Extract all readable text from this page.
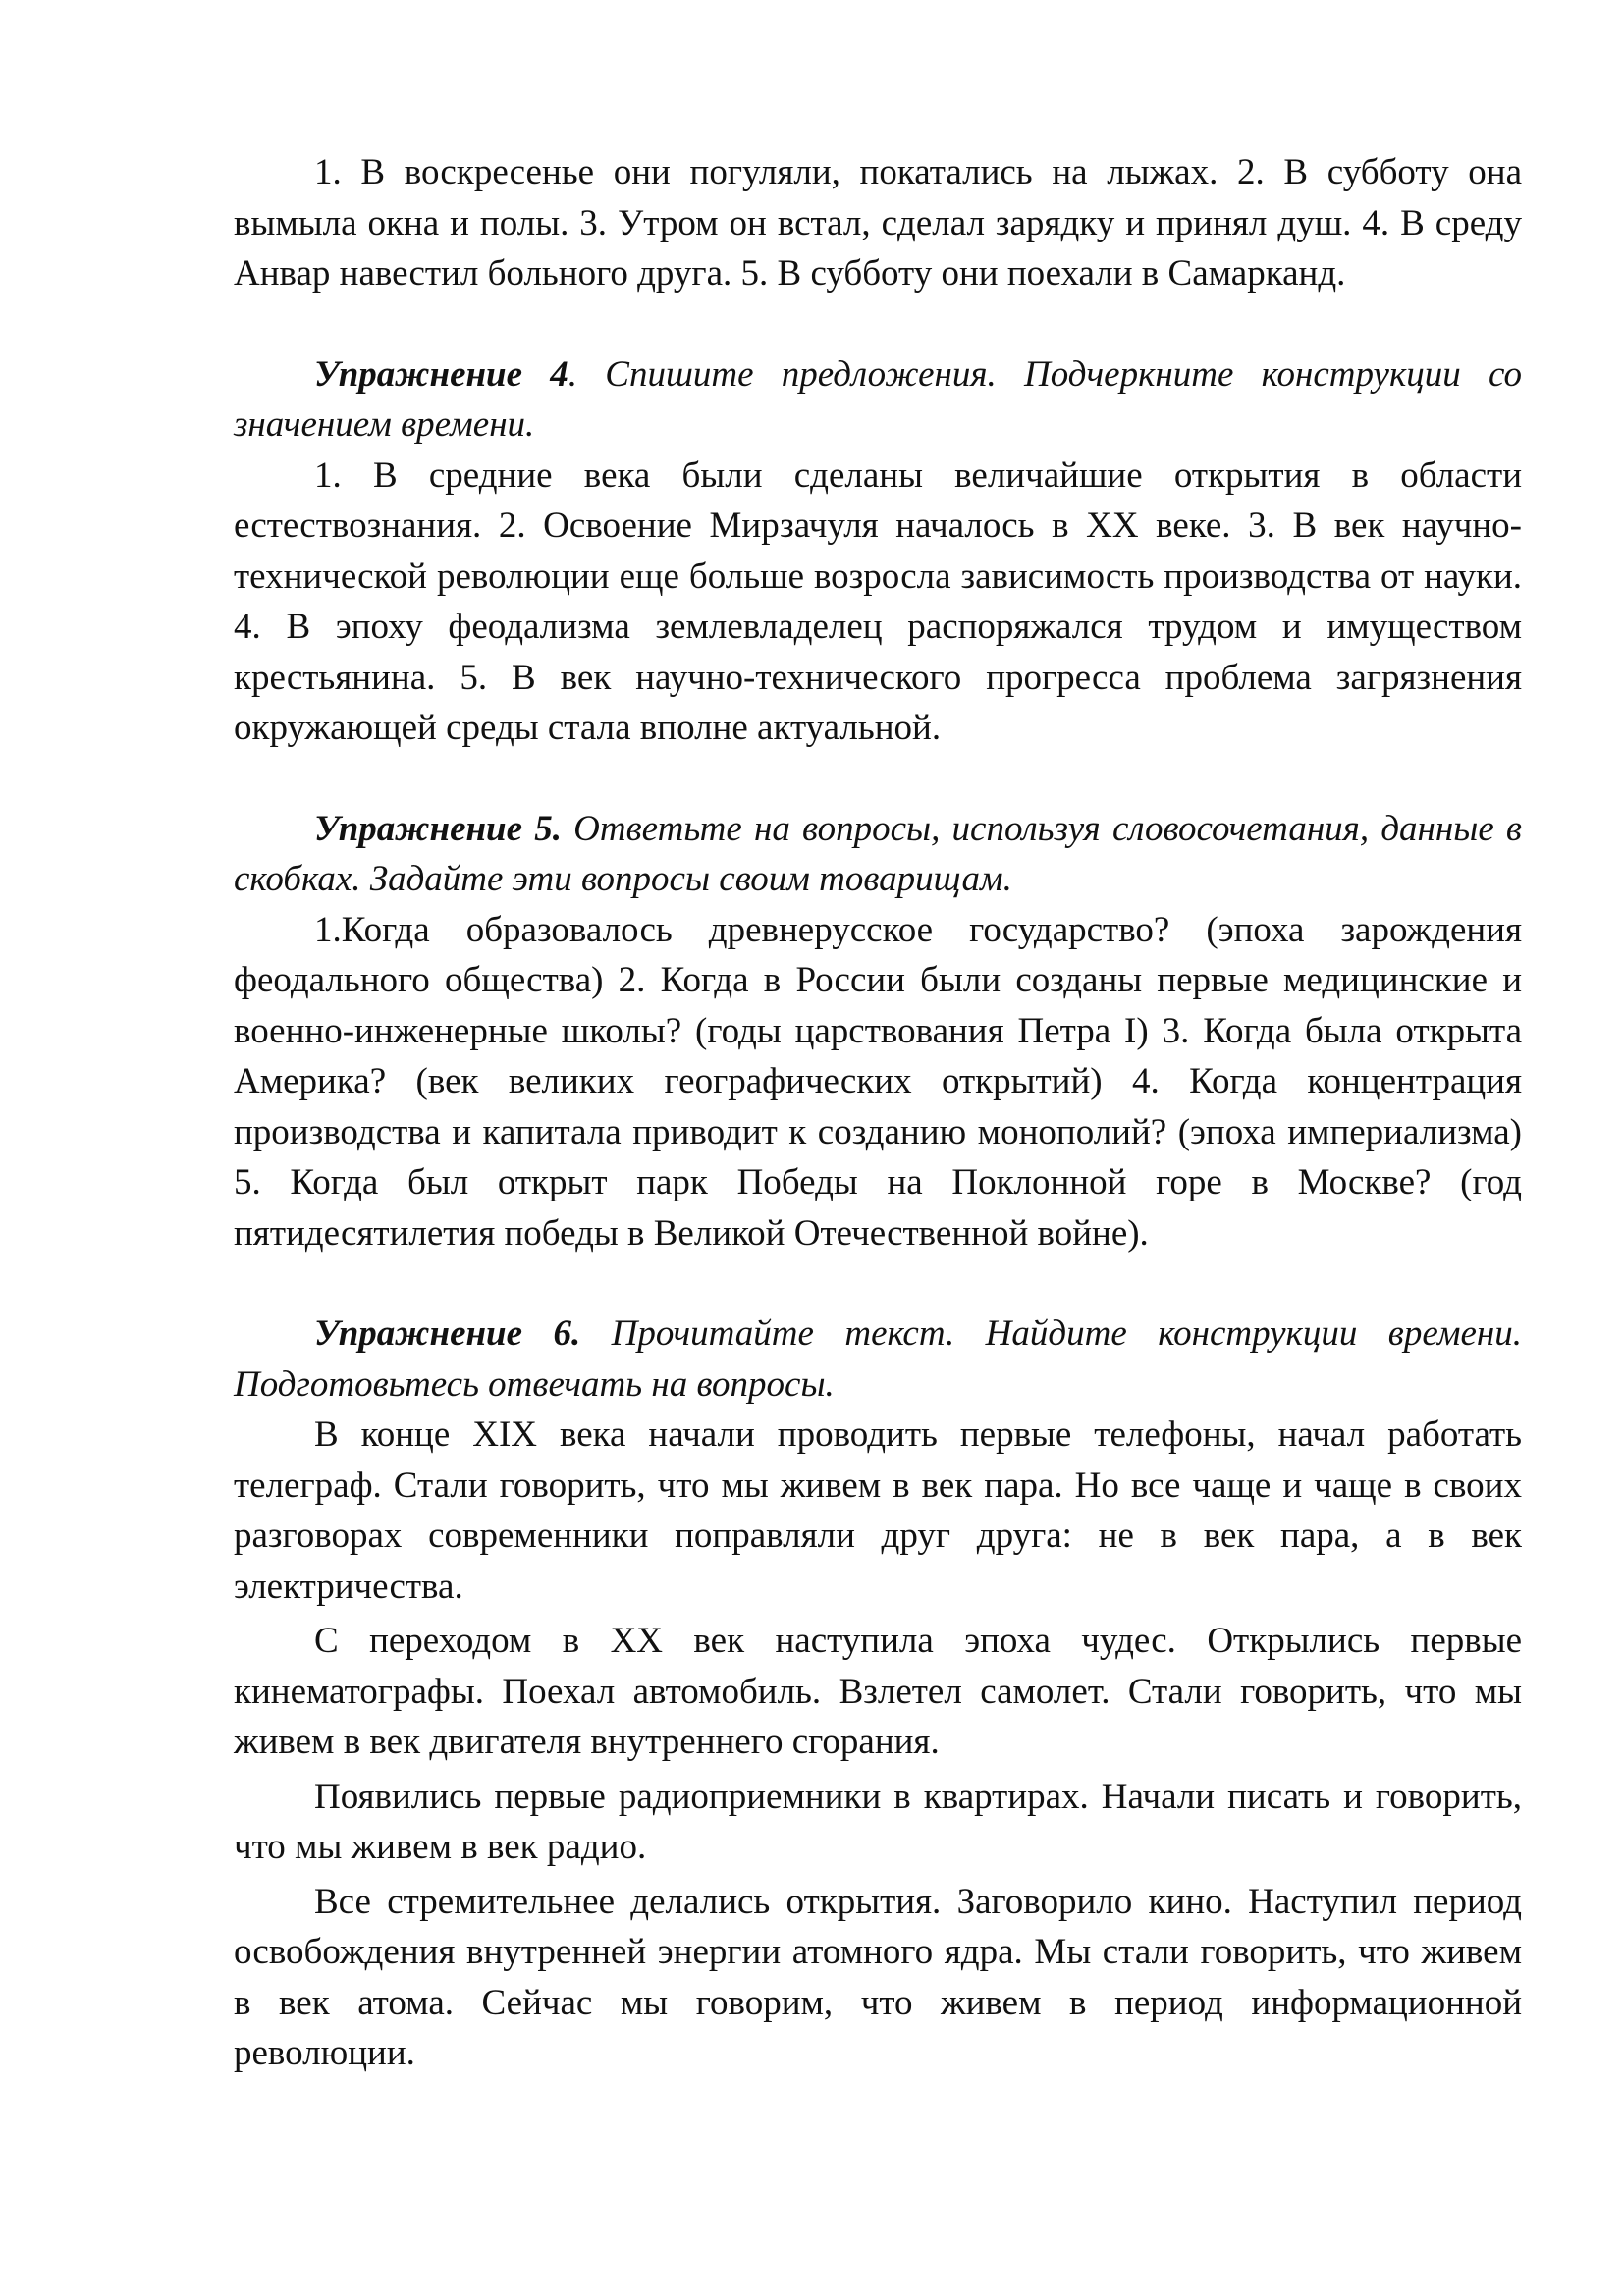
1. В воскресенье они погуляли, покатались на лыжах. 2. В субботу она вымыла окна и полы. 3. Утром он встал, сделал зарядку и принял душ. 4. В среду Анвар навестил больного друга. 5. В субботу они поехали в Самарканд.

Упражнение 4. Спишите предложения. Подчеркните конструкции со значением времени.

1. В средние века были сделаны величайшие открытия в области естествознания. 2. Освоение Мирзачуля началось в XX веке. 3. В век научно-технической революции еще больше возросла зависимость производства от науки. 4. В эпоху феодализма землевладелец распоряжался трудом и имуществом крестьянина. 5. В век научно-технического прогресса проблема загрязнения окружающей среды стала вполне актуальной.

Упражнение 5. Ответьте на вопросы, используя словосочетания, данные в скобках. Задайте эти вопросы своим товарищам.

1.Когда образовалось древнерусское государство? (эпоха зарождения феодального общества) 2. Когда в России были созданы первые медицинские и военно-инженерные школы? (годы царствования Петра I) 3. Когда была открыта Америка? (век великих географических открытий) 4. Когда концентрация производства и капитала приводит к созданию монополий? (эпоха империализма) 5. Когда был открыт парк Победы на Поклонной горе в Москве? (год пятидесятилетия победы в Великой Отечественной войне).

Упражнение 6. Прочитайте текст. Найдите конструкции времени. Подготовьтесь отвечать на вопросы.

В конце XIX века начали проводить первые телефоны, начал работать телеграф. Стали говорить, что мы живем в век пара. Но все чаще и чаще в своих разговорах современники поправляли друг друга: не в век пара, а в век электричества.

С переходом в XX век наступила эпоха чудес. Открылись первые кинематографы. Поехал автомобиль. Взлетел самолет. Стали говорить, что мы живем в век двигателя внутреннего сгорания.

Появились первые радиоприемники в квартирах. Начали писать и говорить, что мы живем в век радио.

Все стремительнее делались открытия. Заговорило кино. Наступил период освобождения внутренней энергии атомного ядра. Мы стали говорить, что живем в век атома. Сейчас мы говорим, что живем в период информационной революции.
